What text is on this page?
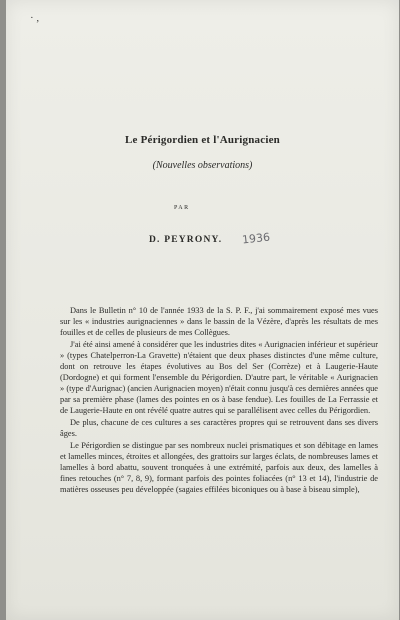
· ,
Le Périgordien et l'Aurignacien
(Nouvelles observations)
PAR
D. PEYRONY. 1936

Dans le Bulletin n° 10 de l'année 1933 de la S. P. F., j'ai sommairement exposé mes vues sur les « industries aurignaciennes » dans le bassin de la Vézère, d'après les résultats de mes fouilles et de celles de plusieurs de mes Collègues.

J'ai été ainsi amené à considérer que les industries dites « Aurignacien inférieur et supérieur » (types Chatelperron-La Gravette) n'étaient que deux phases distinctes d'une même culture, dont on retrouve les étapes évolutives au Bos del Ser (Corrèze) et à Laugerie-Haute (Dordogne) et qui forment l'ensemble du Périgordien. D'autre part, le véritable « Aurignacien » (type d'Aurignac) (ancien Aurignacien moyen) n'était connu jusqu'à ces dernières années que par sa première phase (lames des pointes en os à base fendue). Les fouilles de La Ferrassie et de Laugerie-Haute en ont révélé quatre autres qui se parallélisent avec celles du Périgordien.

De plus, chacune de ces cultures a ses caractères propres qui se retrouvent dans ses divers âges.

Le Périgordien se distingue par ses nombreux nuclei prismatiques et son débitage en lames et lamelles minces, étroites et allongées, des grattoirs sur larges éclats, de nombreuses lames et lamelles à bord abattu, souvent tronquées à une extrémité, parfois aux deux, des lamelles à fines retouches (n° 7, 8, 9), formant parfois des pointes foliacées (n° 13 et 14), l'industrie de matières osseuses peu développée (sagaies effilées biconiques ou à base à biseau simple),
